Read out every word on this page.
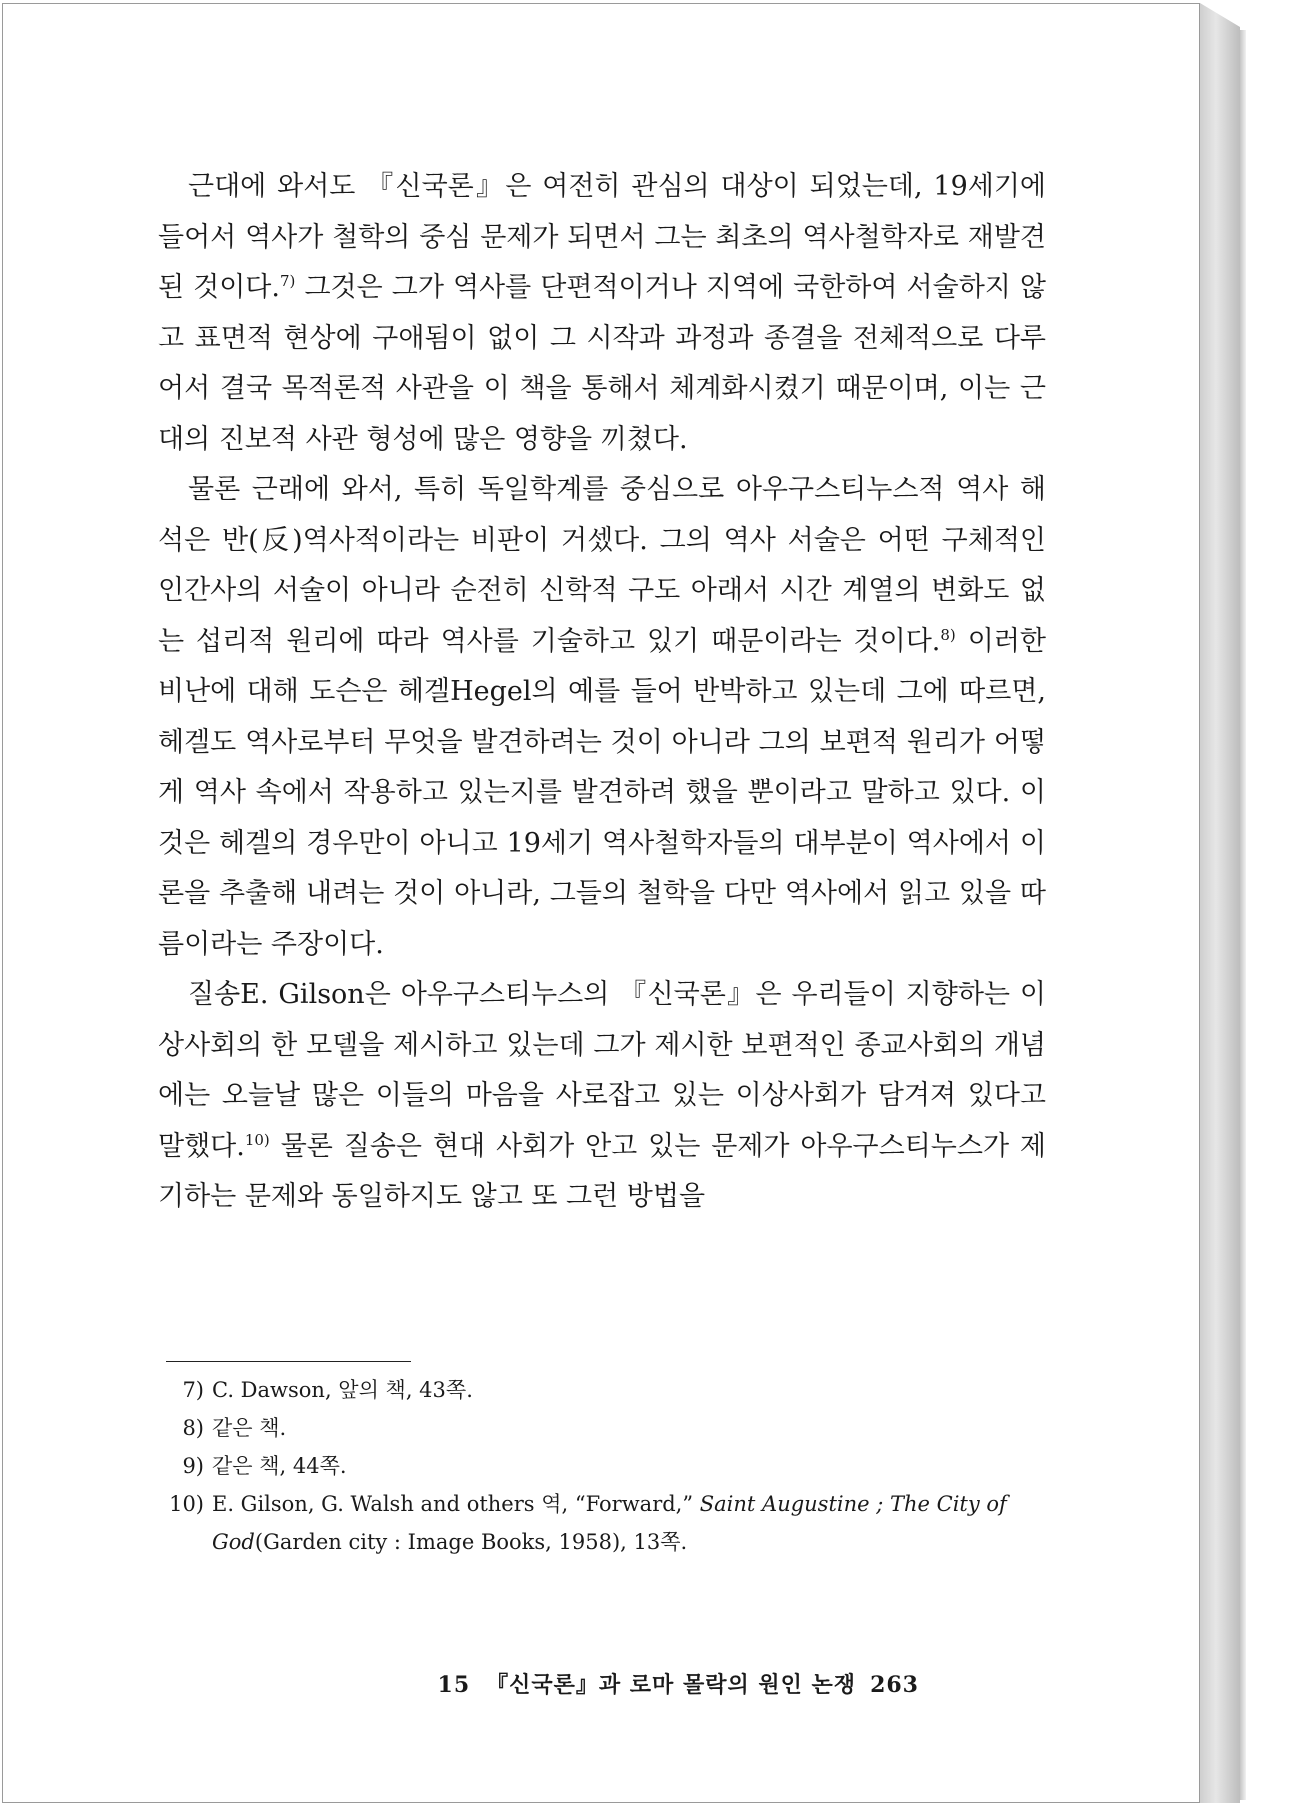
근대에 와서도 『신국론』은 여전히 관심의 대상이 되었는데, 19세기에 들어서 역사가 철학의 중심 문제가 되면서 그는 최초의 역사철학자로 재발견된 것이다.$^{7)}$ 그것은 그가 역사를 단편적이거나 지역에 국한하여 서술하지 않고 표면적 현상에 구애됨이 없이 그 시작과 과정과 종결을 전체적으로 다루어서 결국 목적론적 사관을 이 책을 통해서 체계화시켰기 때문이며, 이는 근대의 진보적 사관 형성에 많은 영향을 끼쳤다.

물론 근래에 와서, 특히 독일학계를 중심으로 아우구스티누스적 역사 해석은 반(反)역사적이라는 비판이 거셌다. 그의 역사 서술은 어떤 구체적인 인간사의 서술이 아니라 순전히 신학적 구도 아래서 시간 계열의 변화도 없는 섭리적 원리에 따라 역사를 기술하고 있기 때문이라는 것이다.$^{8)}$ 이러한 비난에 대해 도슨은 헤겔Hegel의 예를 들어 반박하고 있는데 그에 따르면, 헤겔도 역사로부터 무엇을 발견하려는 것이 아니라 그의 보편적 원리가 어떻게 역사 속에서 작용하고 있는지를 발견하려 했을 뿐이라고 말하고 있다. 이것은 헤겔의 경우만이 아니고 19세기 역사철학자들의 대부분이 역사에서 이론을 추출해 내려는 것이 아니라, 그들의 철학을 다만 역사에서 읽고 있을 따름이라는 주장이다.

질송E. Gilson은 아우구스티누스의 『신국론』은 우리들이 지향하는 이상사회의 한 모델을 제시하고 있는데 그가 제시한 보편적인 종교사회의 개념에는 오늘날 많은 이들의 마음을 사로잡고 있는 이상사회가 담겨져 있다고 말했다.$^{10)}$ 물론 질송은 현대 사회가 안고 있는 문제가 아우구스티누스가 제기하는 문제와 동일하지도 않고 또 그런 방법을

7) C. Dawson, 앞의 책, 43쪽.
8) 같은 책.
9) 같은 책, 44쪽.
10) E. Gilson, G. Walsh and others 역, “Forward,” Saint Augustine ; The City of God(Garden city : Image Books, 1958), 13쪽.
15 『신국론』과 로마 몰락의 원인 논쟁 263
